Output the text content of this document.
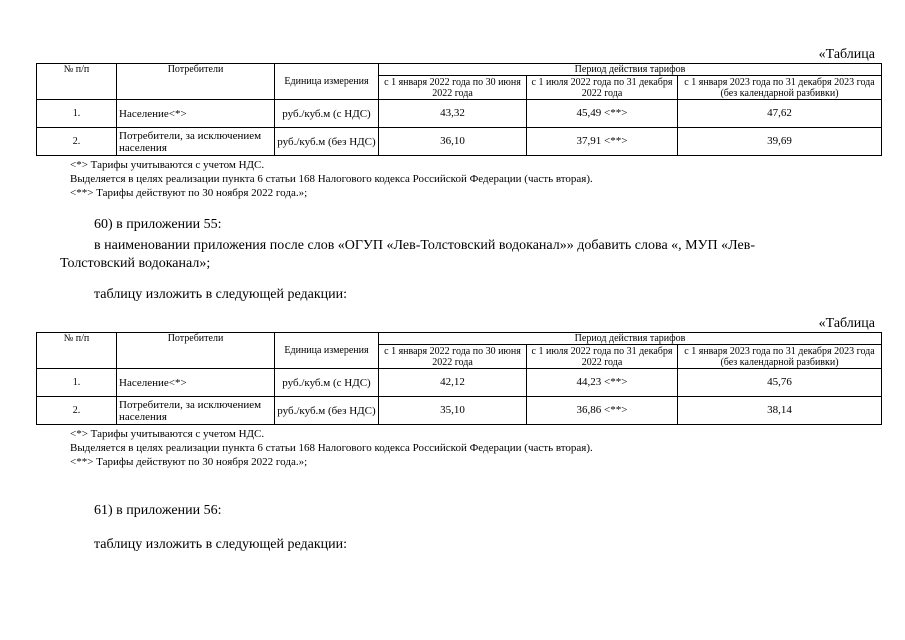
«Таблица
№ п/п	Потребители	Единица измерения	Период действия тарифов		
			с 1 января 2022 года по 30 июня 2022 года	с 1 июля 2022 года по 31 декабря 2022 года	с 1 января 2023 года по 31 декабря 2023 года (без календарной разбивки)
1.	Население<*>	руб./куб.м (с НДС)	43,32	45,49 <**>	47,62
2.	Потребители, за исключением населения	руб./куб.м (без НДС)	36,10	37,91 <**>	39,69
<*> Тарифы учитываются с учетом НДС.
Выделяется в целях реализации пункта 6 статьи 168 Налогового кодекса Российской Федерации (часть вторая).
<**> Тарифы действуют по 30 ноября 2022 года.»;
60) в приложении 55:
в наименовании приложения после слов «ОГУП «Лев-Толстовский водоканал»» добавить слова «, МУП «Лев-
Толстовский водоканал»;
таблицу изложить в следующей редакции:
«Таблица
№ п/п	Потребители	Единица измерения	Период действия тарифов		
			с 1 января 2022 года по 30 июня 2022 года	с 1 июля 2022 года по 31 декабря 2022 года	с 1 января 2023 года по 31 декабря 2023 года (без календарной разбивки)
1.	Население<*>	руб./куб.м (с НДС)	42,12	44,23 <**>	45,76
2.	Потребители, за исключением населения	руб./куб.м (без НДС)	35,10	36,86 <**>	38,14
<*> Тарифы учитываются с учетом НДС.
Выделяется в целях реализации пункта 6 статьи 168 Налогового кодекса Российской Федерации (часть вторая).
<**> Тарифы действуют по 30 ноября 2022 года.»;
61) в приложении 56:
таблицу изложить в следующей редакции:
